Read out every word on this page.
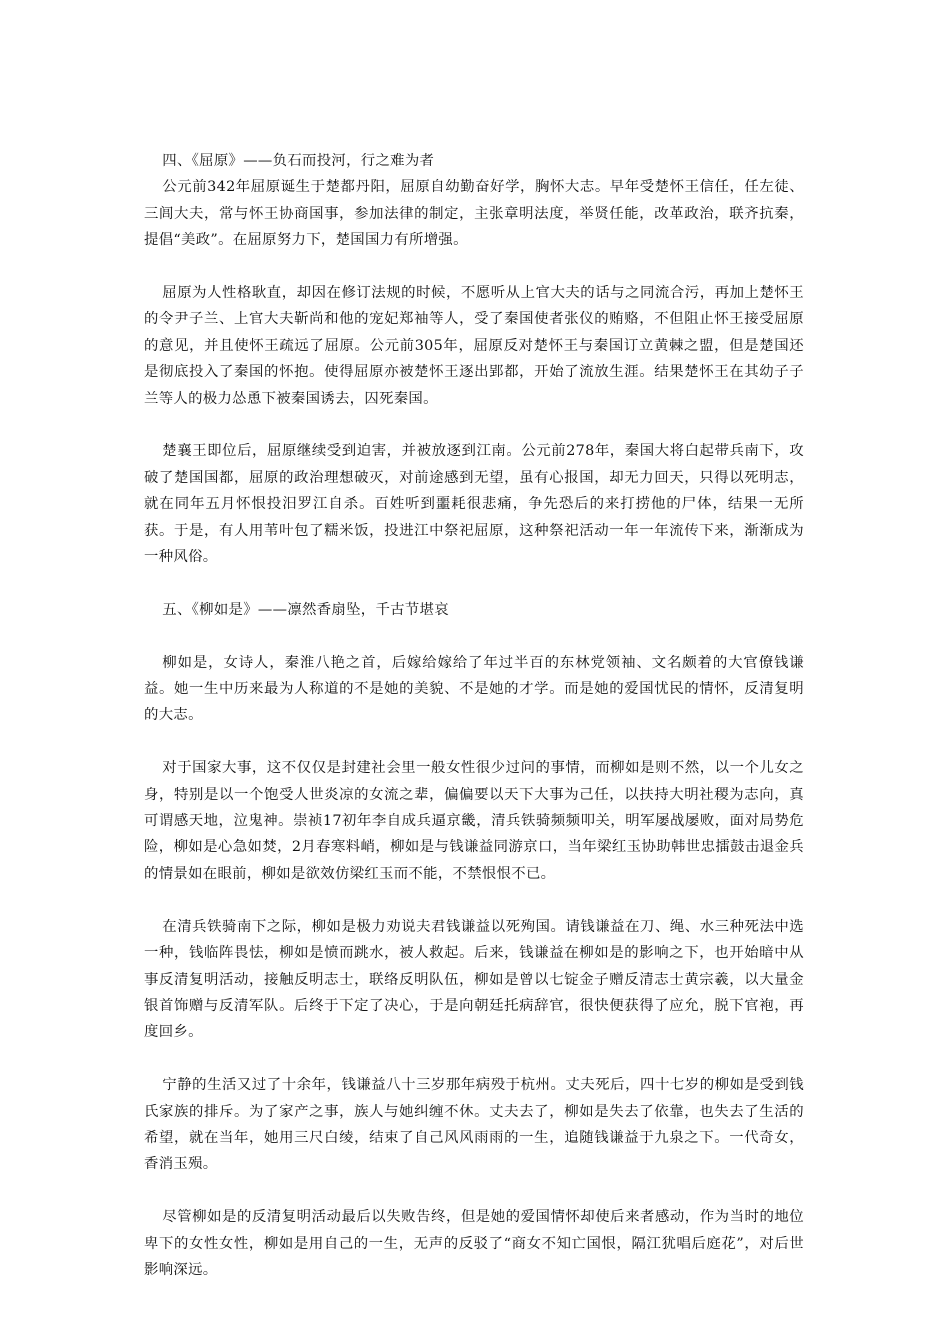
四、《屈原》——负石而投河，行之难为者

公元前342年屈原诞生于楚都丹阳，屈原自幼勤奋好学，胸怀大志。早年受楚怀王信任，任左徒、三闾大夫，常与怀王协商国事，参加法律的制定，主张章明法度，举贤任能，改革政治，联齐抗秦，提倡“美政”。在屈原努力下，楚国国力有所增强。

屈原为人性格耿直，却因在修订法规的时候，不愿听从上官大夫的话与之同流合污，再加上楚怀王的令尹子兰、上官大夫靳尚和他的宠妃郑袖等人，受了秦国使者张仪的贿赂，不但阻止怀王接受屈原的意见，并且使怀王疏远了屈原。公元前305年，屈原反对楚怀王与秦国订立黄棘之盟，但是楚国还是彻底投入了秦国的怀抱。使得屈原亦被楚怀王逐出郢都，开始了流放生涯。结果楚怀王在其幼子子兰等人的极力怂恿下被秦国诱去，囚死秦国。

楚襄王即位后，屈原继续受到迫害，并被放逐到江南。公元前278年，秦国大将白起带兵南下，攻破了楚国国都，屈原的政治理想破灭，对前途感到无望，虽有心报国，却无力回天，只得以死明志，就在同年五月怀恨投汨罗江自杀。百姓听到噩耗很悲痛，争先恐后的来打捞他的尸体，结果一无所获。于是，有人用苇叶包了糯米饭，投进江中祭祀屈原，这种祭祀活动一年一年流传下来，渐渐成为一种风俗。

五、《柳如是》——凛然香扇坠，千古节堪哀

柳如是，女诗人，秦淮八艳之首，后嫁给嫁给了年过半百的东林党领袖、文名颇着的大官僚钱谦益。她一生中历来最为人称道的不是她的美貌、不是她的才学。而是她的爱国忧民的情怀，反清复明的大志。

对于国家大事，这不仅仅是封建社会里一般女性很少过问的事情，而柳如是则不然，以一个儿女之身，特别是以一个饱受人世炎凉的女流之辈，偏偏要以天下大事为己任，以扶持大明社稷为志向，真可谓感天地，泣鬼神。崇祯17初年李自成兵逼京畿，清兵铁骑频频叩关，明军屡战屡败，面对局势危险，柳如是心急如焚，2月春寒料峭，柳如是与钱谦益同游京口，当年梁红玉协助韩世忠擂鼓击退金兵的情景如在眼前，柳如是欲效仿梁红玉而不能，不禁恨恨不已。

在清兵铁骑南下之际，柳如是极力劝说夫君钱谦益以死殉国。请钱谦益在刀、绳、水三种死法中选一种，钱临阵畏怯，柳如是愤而跳水，被人救起。后来，钱谦益在柳如是的影响之下，也开始暗中从事反清复明活动，接触反明志士，联络反明队伍，柳如是曾以七锭金子赠反清志士黄宗羲，以大量金银首饰赠与反清军队。后终于下定了决心，于是向朝廷托病辞官，很快便获得了应允，脱下官袍，再度回乡。

宁静的生活又过了十余年，钱谦益八十三岁那年病殁于杭州。丈夫死后，四十七岁的柳如是受到钱氏家族的排斥。为了家产之事，族人与她纠缠不休。丈夫去了，柳如是失去了依靠，也失去了生活的希望，就在当年，她用三尺白绫，结束了自己风风雨雨的一生，追随钱谦益于九泉之下。一代奇女，香消玉殒。

尽管柳如是的反清复明活动最后以失败告终，但是她的爱国情怀却使后来者感动，作为当时的地位卑下的女性女性，柳如是用自己的一生，无声的反驳了“商女不知亡国恨，隔江犹唱后庭花”，对后世影响深远。
